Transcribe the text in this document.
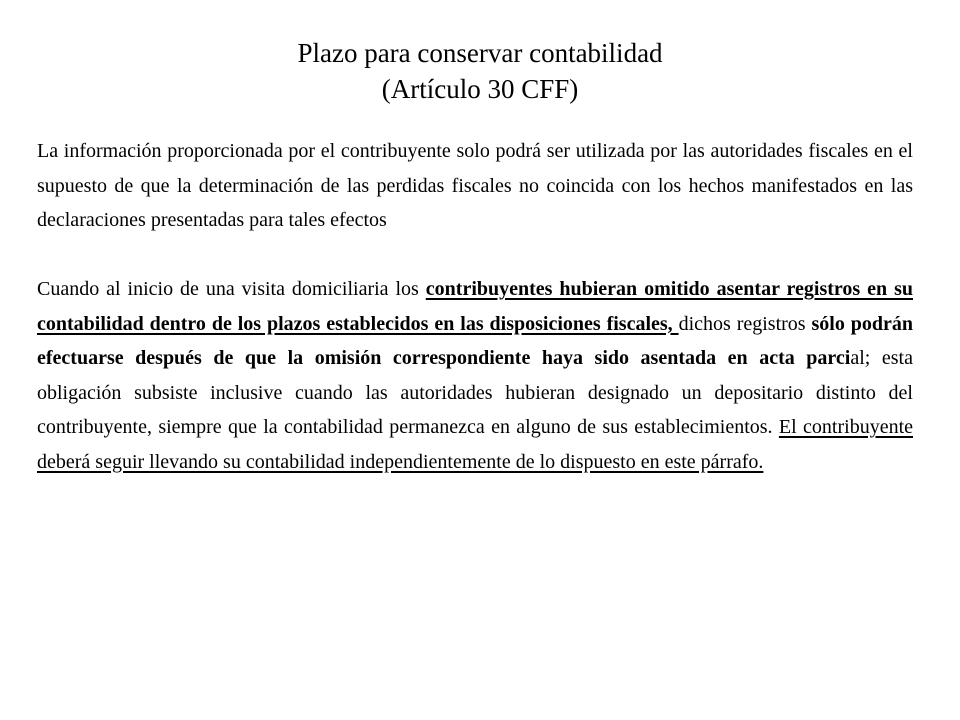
Plazo para conservar contabilidad
(Artículo 30 CFF)

La información proporcionada por el contribuyente solo podrá ser utilizada por las autoridades fiscales en el supuesto de que la determinación de las perdidas fiscales no coincida con los hechos manifestados en las declaraciones presentadas para tales efectos

Cuando al inicio de una visita domiciliaria los contribuyentes hubieran omitido asentar registros en su contabilidad dentro de los plazos establecidos en las disposiciones fiscales, dichos registros sólo podrán efectuarse después de que la omisión correspondiente haya sido asentada en acta parcial; esta obligación subsiste inclusive cuando las autoridades hubieran designado un depositario distinto del contribuyente, siempre que la contabilidad permanezca en alguno de sus establecimientos. El contribuyente deberá seguir llevando su contabilidad independientemente de lo dispuesto en este párrafo.
